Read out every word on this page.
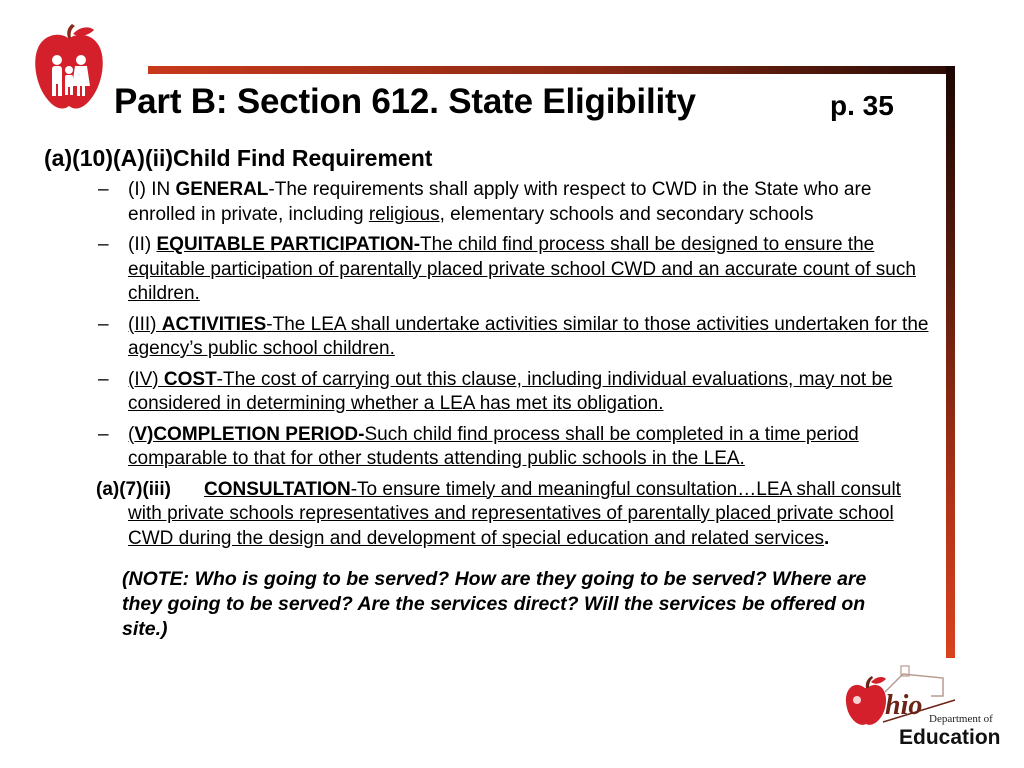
Part B: Section 612. State Eligibility	p. 35
(a)(10)(A)(ii)Child Find Requirement
– (I) IN GENERAL-The requirements shall apply with respect to CWD in the State who are enrolled in private, including religious, elementary schools and secondary schools
– (II) EQUITABLE PARTICIPATION-The child find process shall be designed to ensure the equitable participation of parentally placed private school CWD and an accurate count of such children.
– (III) ACTIVITIES-The LEA shall undertake activities similar to those activities undertaken for the agency’s public school children.
– (IV) COST-The cost of carrying out this clause, including individual evaluations, may not be considered in determining whether a LEA has met its obligation.
– (V)COMPLETION PERIOD-Such child find process shall be completed in a time period comparable to that for other students attending public schools in the LEA.
(a)(7)(iii) CONSULTATION-To ensure timely and meaningful consultation…LEA shall consult with private schools representatives and representatives of parentally placed private school CWD during the design and development of special education and related services.
(NOTE: Who is going to be served? How are they going to be served? Where are they going to be served? Are the services direct? Will the services be offered on site.)
hio Department of
Education
